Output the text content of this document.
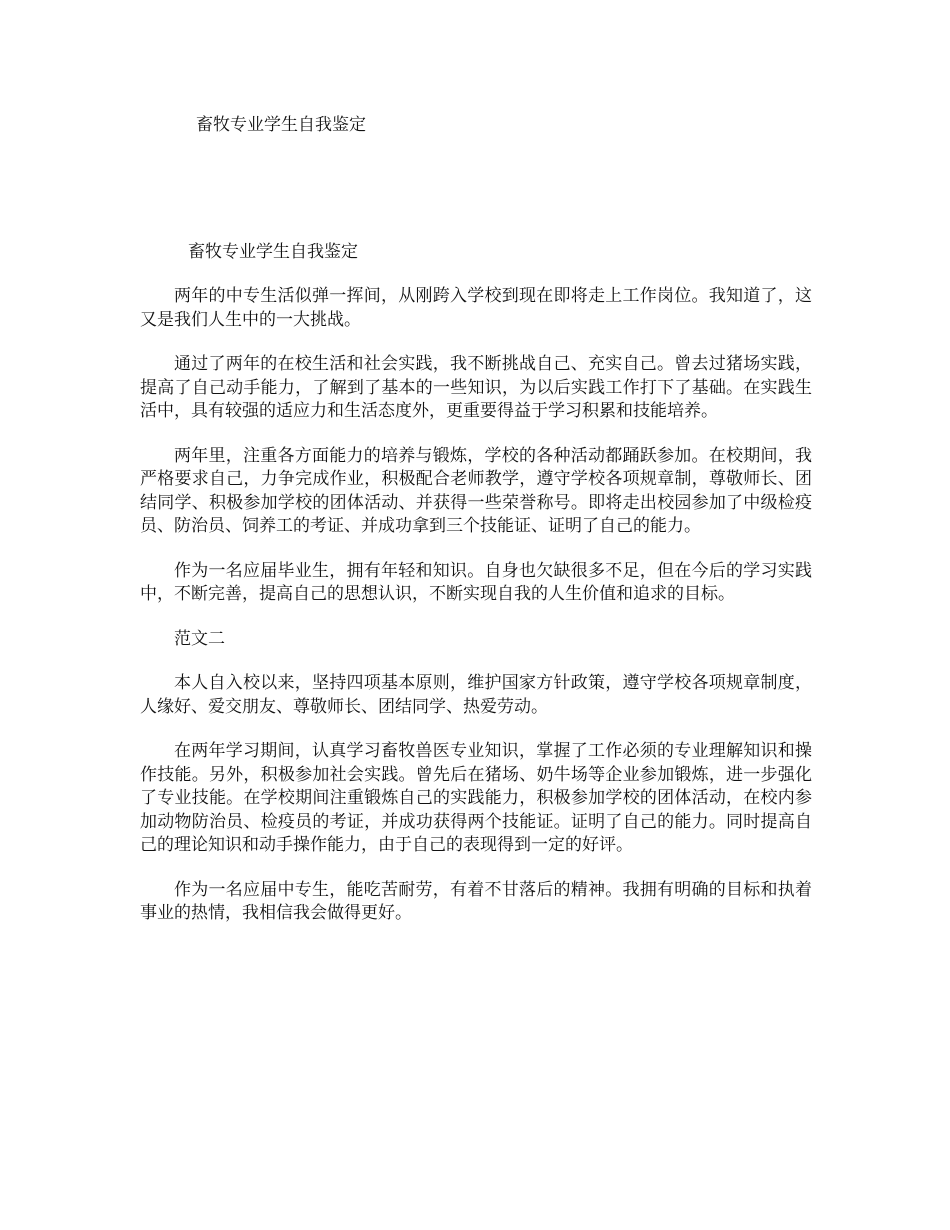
畜牧专业学生自我鉴定
畜牧专业学生自我鉴定

两年的中专生活似弹一挥间，从刚跨入学校到现在即将走上工作岗位。我知道了，这又是我们人生中的一大挑战。

通过了两年的在校生活和社会实践，我不断挑战自己、充实自己。曾去过猪场实践，提高了自己动手能力，了解到了基本的一些知识，为以后实践工作打下了基础。在实践生活中，具有较强的适应力和生活态度外，更重要得益于学习积累和技能培养。

两年里，注重各方面能力的培养与锻炼，学校的各种活动都踊跃参加。在校期间，我严格要求自己，力争完成作业，积极配合老师教学，遵守学校各项规章制，尊敬师长、团结同学、积极参加学校的团体活动、并获得一些荣誉称号。即将走出校园参加了中级检疫员、防治员、饲养工的考证、并成功拿到三个技能证、证明了自己的能力。

作为一名应届毕业生，拥有年轻和知识。自身也欠缺很多不足，但在今后的学习实践中，不断完善，提高自己的思想认识，不断实现自我的人生价值和追求的目标。

范文二

本人自入校以来，坚持四项基本原则，维护国家方针政策，遵守学校各项规章制度，人缘好、爱交朋友、尊敬师长、团结同学、热爱劳动。

在两年学习期间，认真学习畜牧兽医专业知识，掌握了工作必须的专业理解知识和操作技能。另外，积极参加社会实践。曾先后在猪场、奶牛场等企业参加锻炼，进一步强化了专业技能。在学校期间注重锻炼自己的实践能力，积极参加学校的团体活动，在校内参加动物防治员、检疫员的考证，并成功获得两个技能证。证明了自己的能力。同时提高自己的理论知识和动手操作能力，由于自己的表现得到一定的好评。

作为一名应届中专生，能吃苦耐劳，有着不甘落后的精神。我拥有明确的目标和执着事业的热情，我相信我会做得更好。
